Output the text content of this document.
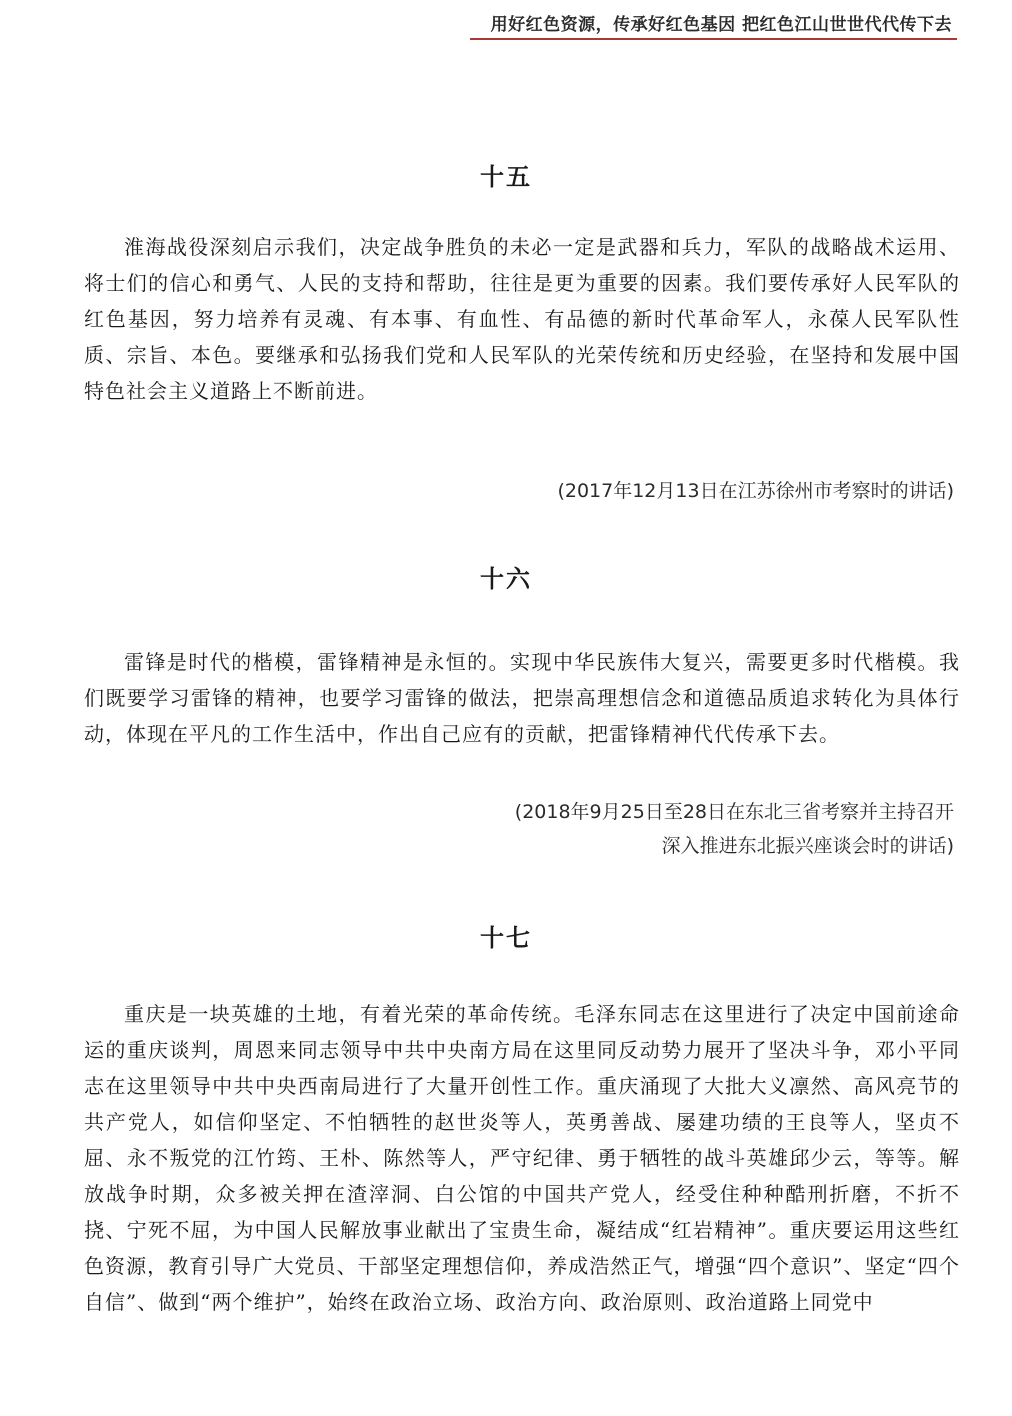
用好红色资源，传承好红色基因 把红色江山世世代代传下去
十五
淮海战役深刻启示我们，决定战争胜负的未必一定是武器和兵力，军队的战略战术运用、将士们的信心和勇气、人民的支持和帮助，往往是更为重要的因素。我们要传承好人民军队的红色基因，努力培养有灵魂、有本事、有血性、有品德的新时代革命军人，永葆人民军队性质、宗旨、本色。要继承和弘扬我们党和人民军队的光荣传统和历史经验，在坚持和发展中国特色社会主义道路上不断前进。
(2017年12月13日在江苏徐州市考察时的讲话)
十六
雷锋是时代的楷模，雷锋精神是永恒的。实现中华民族伟大复兴，需要更多时代楷模。我们既要学习雷锋的精神，也要学习雷锋的做法，把崇高理想信念和道德品质追求转化为具体行动，体现在平凡的工作生活中，作出自己应有的贡献，把雷锋精神代代传承下去。
(2018年9月25日至28日在东北三省考察并主持召开
深入推进东北振兴座谈会时的讲话)
十七
重庆是一块英雄的土地，有着光荣的革命传统。毛泽东同志在这里进行了决定中国前途命运的重庆谈判，周恩来同志领导中共中央南方局在这里同反动势力展开了坚决斗争，邓小平同志在这里领导中共中央西南局进行了大量开创性工作。重庆涌现了大批大义凛然、高风亮节的共产党人，如信仰坚定、不怕牺牲的赵世炎等人，英勇善战、屡建功绩的王良等人，坚贞不屈、永不叛党的江竹筠、王朴、陈然等人，严守纪律、勇于牺牲的战斗英雄邱少云，等等。解放战争时期，众多被关押在渣滓洞、白公馆的中国共产党人，经受住种种酷刑折磨，不折不挠、宁死不屈，为中国人民解放事业献出了宝贵生命，凝结成“红岩精神”。重庆要运用这些红色资源，教育引导广大党员、干部坚定理想信仰，养成浩然正气，增强“四个意识”、坚定“四个自信”、做到“两个维护”，始终在政治立场、政治方向、政治原则、政治道路上同党中
